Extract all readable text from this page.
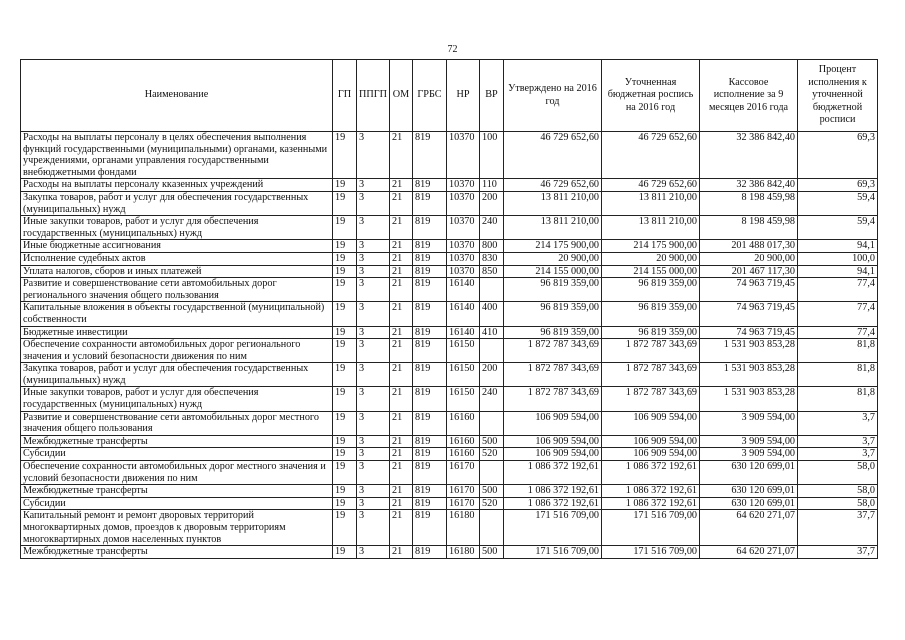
72
Наименование	ГП	ППГП	ОМ	ГРБС	НР	ВР	Утверждено на 2016 год	Уточненная бюджетная роспись на 2016 год	Кассовое исполнение за 9 месяцев 2016 года	Процент исполнения к уточненной бюджетной росписи
Расходы на выплаты персоналу в целях обеспечения выполнения функций государственными (муниципальными) органами, казенными учреждениями, органами управления государственными внебюджетными фондами	19	3	21	819	10370	100	46 729 652,60	46 729 652,60	32 386 842,40	69,3
Расходы на выплаты персоналу ккaзенных учреждений	19	3	21	819	10370	110	46 729 652,60	46 729 652,60	32 386 842,40	69,3
Закупка товаров, работ и услуг для обеспечения государственных (муниципальных) нужд	19	3	21	819	10370	200	13 811 210,00	13 811 210,00	8 198 459,98	59,4
Иные закупки товаров, работ и услуг для обеспечения государственных (муниципальных) нужд	19	3	21	819	10370	240	13 811 210,00	13 811 210,00	8 198 459,98	59,4
Иные бюджетные ассигнования	19	3	21	819	10370	800	214 175 900,00	214 175 900,00	201 488 017,30	94,1
Исполнение судебных актов	19	3	21	819	10370	830	20 900,00	20 900,00	20 900,00	100,0
Уплата налогов, сборов и иных платежей	19	3	21	819	10370	850	214 155 000,00	214 155 000,00	201 467 117,30	94,1
Развитие и совершенствование сети автомобильных дорог регионального значения общего пользования	19	3	21	819	16140		96 819 359,00	96 819 359,00	74 963 719,45	77,4
Капитальные вложения в объекты государственной (муниципальной) собственности	19	3	21	819	16140	400	96 819 359,00	96 819 359,00	74 963 719,45	77,4
Бюджетные инвестиции	19	3	21	819	16140	410	96 819 359,00	96 819 359,00	74 963 719,45	77,4
Обеспечение сохранности автомобильных дорог регионального значения и условий безопасности движения по ним	19	3	21	819	16150		1 872 787 343,69	1 872 787 343,69	1 531 903 853,28	81,8
Закупка товаров, работ и услуг для обеспечения государственных (муниципальных) нужд	19	3	21	819	16150	200	1 872 787 343,69	1 872 787 343,69	1 531 903 853,28	81,8
Иные закупки товаров, работ и услуг для обеспечения государственных (муниципальных) нужд	19	3	21	819	16150	240	1 872 787 343,69	1 872 787 343,69	1 531 903 853,28	81,8
Развитие и совершенствование сети автомобильных дорог местного значения общего пользования	19	3	21	819	16160		106 909 594,00	106 909 594,00	3 909 594,00	3,7
Межбюджетные трансферты	19	3	21	819	16160	500	106 909 594,00	106 909 594,00	3 909 594,00	3,7
Субсидии	19	3	21	819	16160	520	106 909 594,00	106 909 594,00	3 909 594,00	3,7
Обеспечение сохранности автомобильных дорог местного значения и условий безопасности движения по ним	19	3	21	819	16170		1 086 372 192,61	1 086 372 192,61	630 120 699,01	58,0
Межбюджетные трансферты	19	3	21	819	16170	500	1 086 372 192,61	1 086 372 192,61	630 120 699,01	58,0
Субсидии	19	3	21	819	16170	520	1 086 372 192,61	1 086 372 192,61	630 120 699,01	58,0
Капитальный ремонт и ремонт дворовых территорий многоквартирных домов, проездов к дворовым территориям многоквартирных домов населенных пунктов	19	3	21	819	16180		171 516 709,00	171 516 709,00	64 620 271,07	37,7
Межбюджетные трансферты	19	3	21	819	16180	500	171 516 709,00	171 516 709,00	64 620 271,07	37,7
